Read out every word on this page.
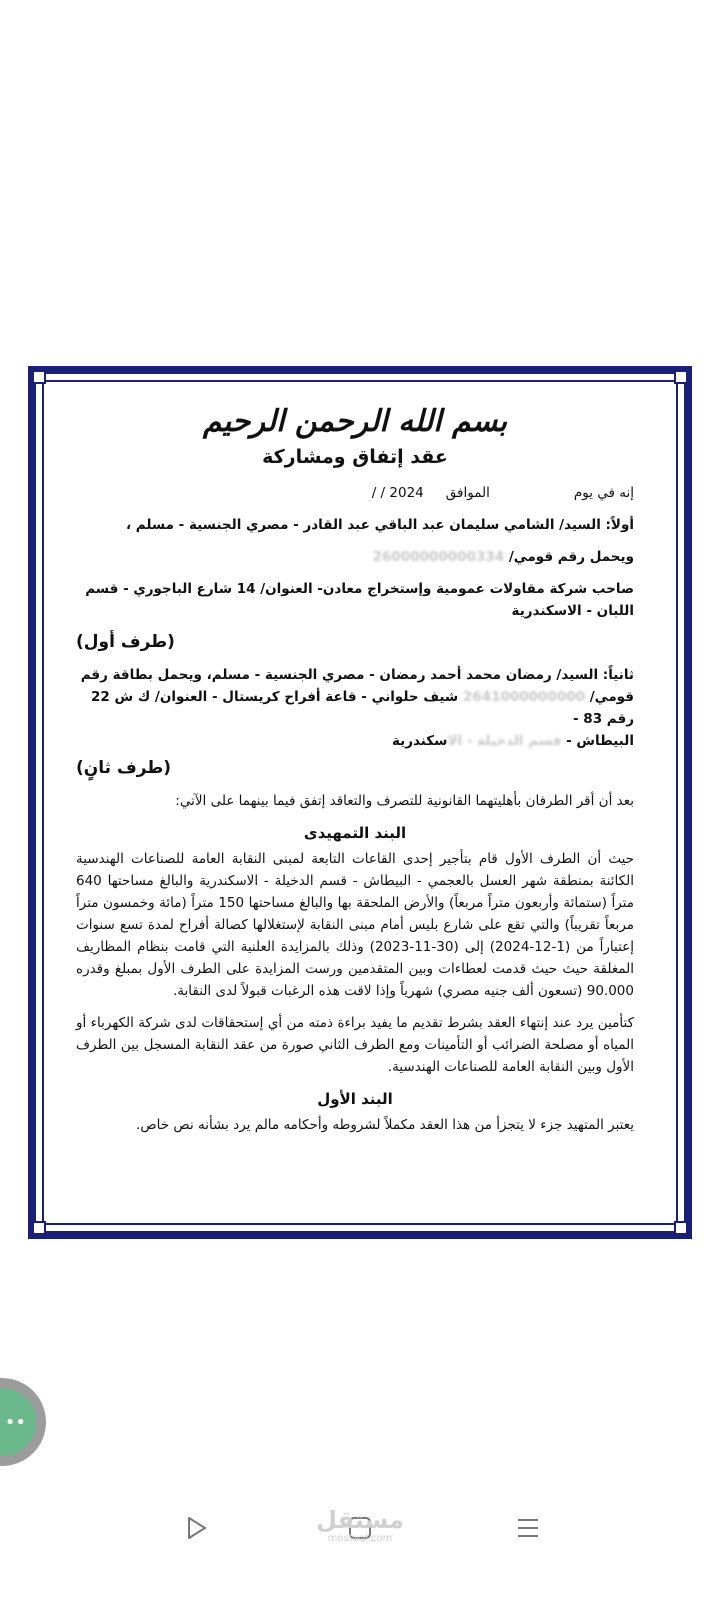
بسم الله الرحمن الرحيم
عقد إتفاق ومشاركة
إنه في يوم
الموافق
/ / 2024
أولاً: السيد/ الشامي سليمان عبد الباقي عبد القادر - مصري الجنسية - مسلم ،
ويحمل رقم قومي/ 26000000000334
صاحب شركة مقاولات عمومية وإستخراج معادن- العنوان/ 14 شارع الباجوري - قسم اللبان - الاسكندرية
(طرف أول)
ثانياً: السيد/ رمضان محمد أحمد رمضان - مصري الجنسية - مسلم، ويحمل بطاقة رقم
قومي/ 2641000000000 شيف حلواني - قاعة أفراح كريستال - العنوان/ ك ش 22 رقم 83 -
البيطاش - قسم الدخيلة - الاسكندرية
(طرف ثانٍ)
بعد أن أقر الطرفان بأهليتهما القانونية للتصرف والتعاقد إتفق فيما بينهما على الآتي:
البند التمهيدى
حيث أن الطرف الأول قام بتأجير إحدى القاعات التابعة لمبنى النقابة العامة للصناعات الهندسية الكائنة بمنطقة شهر العسل بالعجمي - البيطاش - قسم الدخيلة - الاسكندرية والبالغ مساحتها 640 متراً (ستمائة وأربعون متراً مربعاً) والأرض الملحقة بها والبالغ مساحتها 150 متراً (مائة وخمسون متراً مربعاً تقريباً) والتي تقع على شارع بليس أمام مبنى النقابة لإستغلالها كصالة أفراح لمدة تسع سنوات إعتباراً من (1-12-2024) إلى (30-11-2023) وذلك بالمزايدة العلنية التي قامت بنظام المظاريف المغلقة حيث حيث قدمت لعطاءات وبين المتقدمين ورست المزايدة على الطرف الأول بمبلغ وقدره 90.000 (تسعون ألف جنيه مصري) شهرياً وإذا لاقت هذه الرغبات قبولاً لدى النقابة.
كتأمين يرد عند إنتهاء العقد بشرط تقديم ما يفيد براءة ذمته من أي إستحقاقات لدى شركة الكهرباء أو المياه أو مصلحة الضرائب أو التأمينات ومع الطرف الثاني صورة من عقد النقابة المسجل بين الطرف الأول وبين النقابة العامة للصناعات الهندسية.
البند الأول
يعتبر المتهيد جزء لا يتجزأ من هذا العقد مكملاً لشروطه وأحكامه مالم يرد بشأنه نص خاص.
••
مستقل
mostaql.com
